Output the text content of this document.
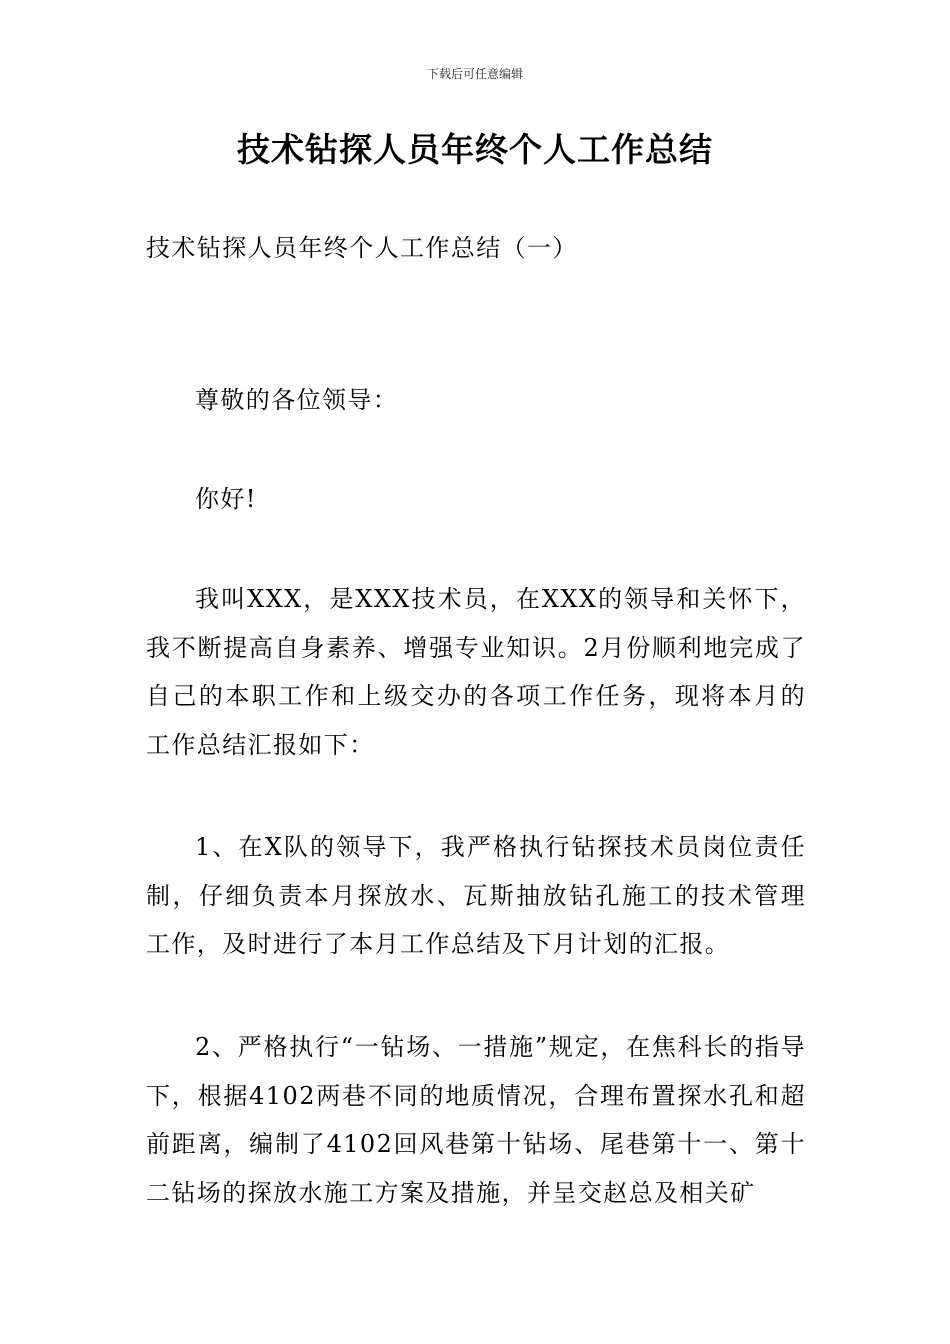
下载后可任意编辑
技术钻探人员年终个人工作总结
技术钻探人员年终个人工作总结（一）

尊敬的各位领导：

你好!

我叫XXX，是XXX技术员，在XXX的领导和关怀下，我不断提高自身素养、增强专业知识。2月份顺利地完成了自己的本职工作和上级交办的各项工作任务，现将本月的工作总结汇报如下：

1、在X队的领导下，我严格执行钻探技术员岗位责任制，仔细负责本月探放水、瓦斯抽放钻孔施工的技术管理工作，及时进行了本月工作总结及下月计划的汇报。

2、严格执行“一钻场、一措施”规定，在焦科长的指导下，根据4102两巷不同的地质情况，合理布置探水孔和超前距离，编制了4102回风巷第十钻场、尾巷第十一、第十二钻场的探放水施工方案及措施，并呈交赵总及相关矿
